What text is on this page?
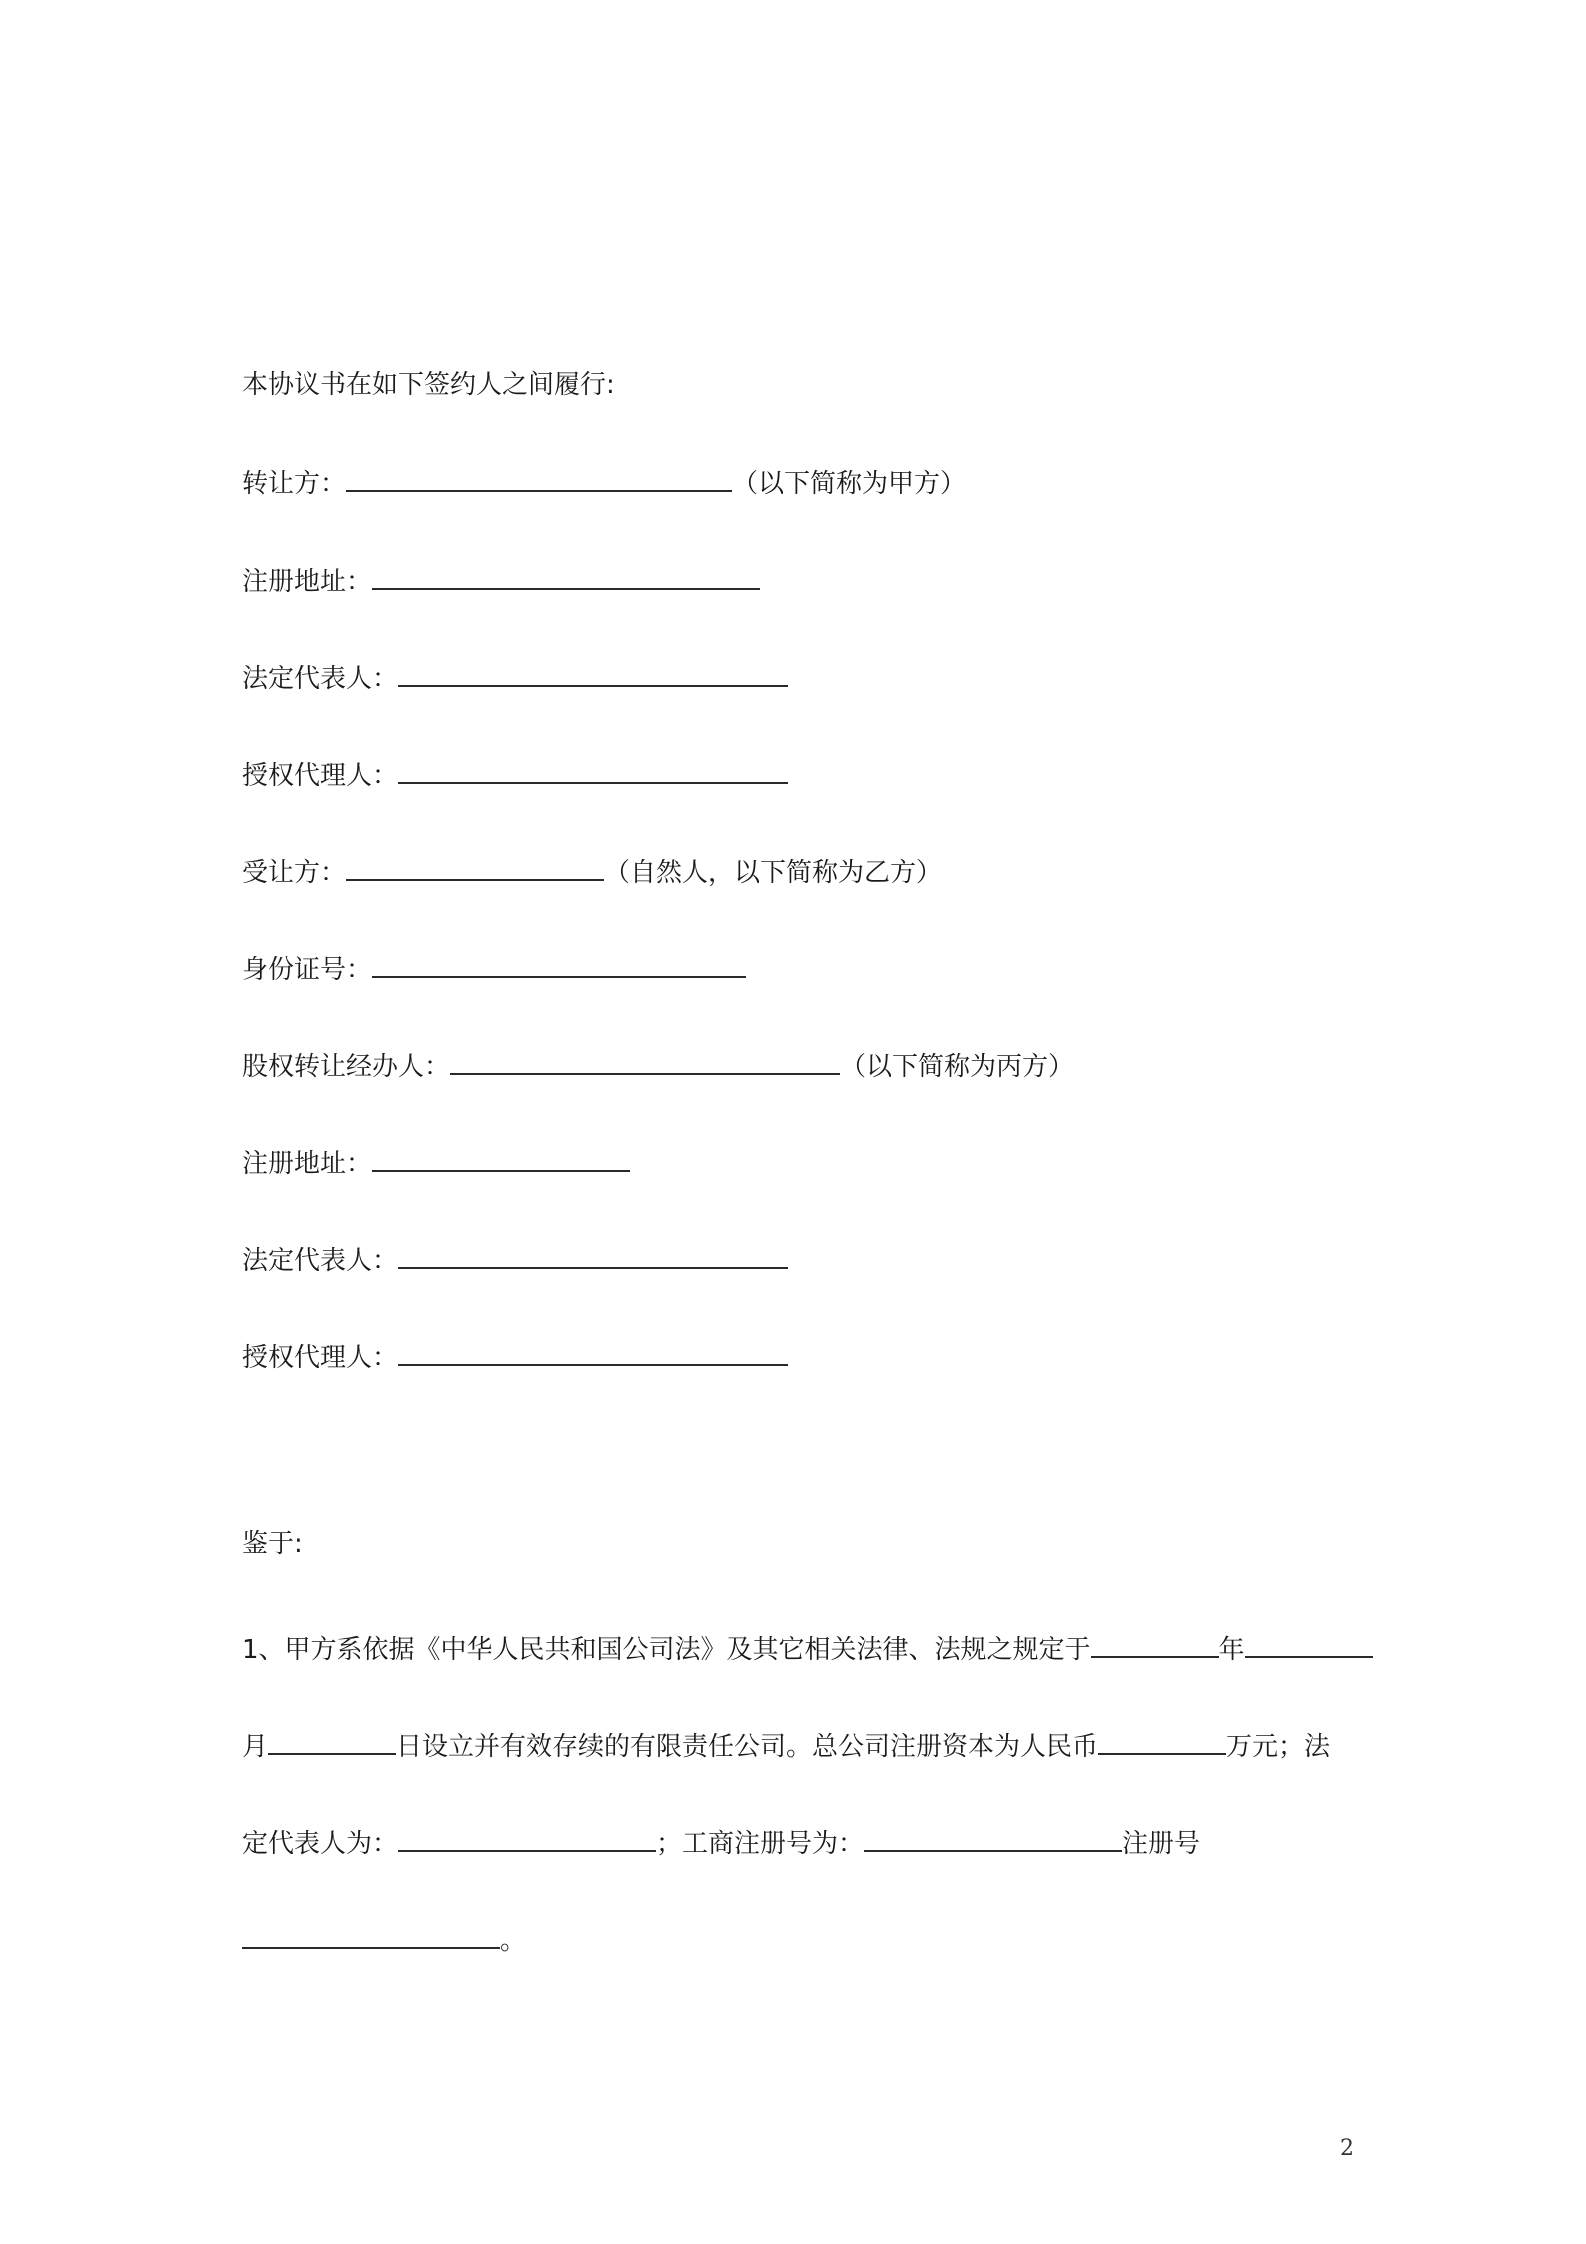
本协议书在如下签约人之间履行:
转让方：	（以下简称为甲方）
注册地址：
法定代表人：
授权代理人：
受让方：	（自然人，以下简称为乙方）
身份证号：
股权转让经办人：	（以下简称为丙方）
注册地址：
法定代表人：
授权代理人：
鉴于:
1、甲方系依据《中华人民共和国公司法》及其它相关法律、法规之规定于	年
月	日设立并有效存续的有限责任公司。总公司注册资本为人民币	万元；法
定代表人为：	；工商注册号为：	注册号
。
2
